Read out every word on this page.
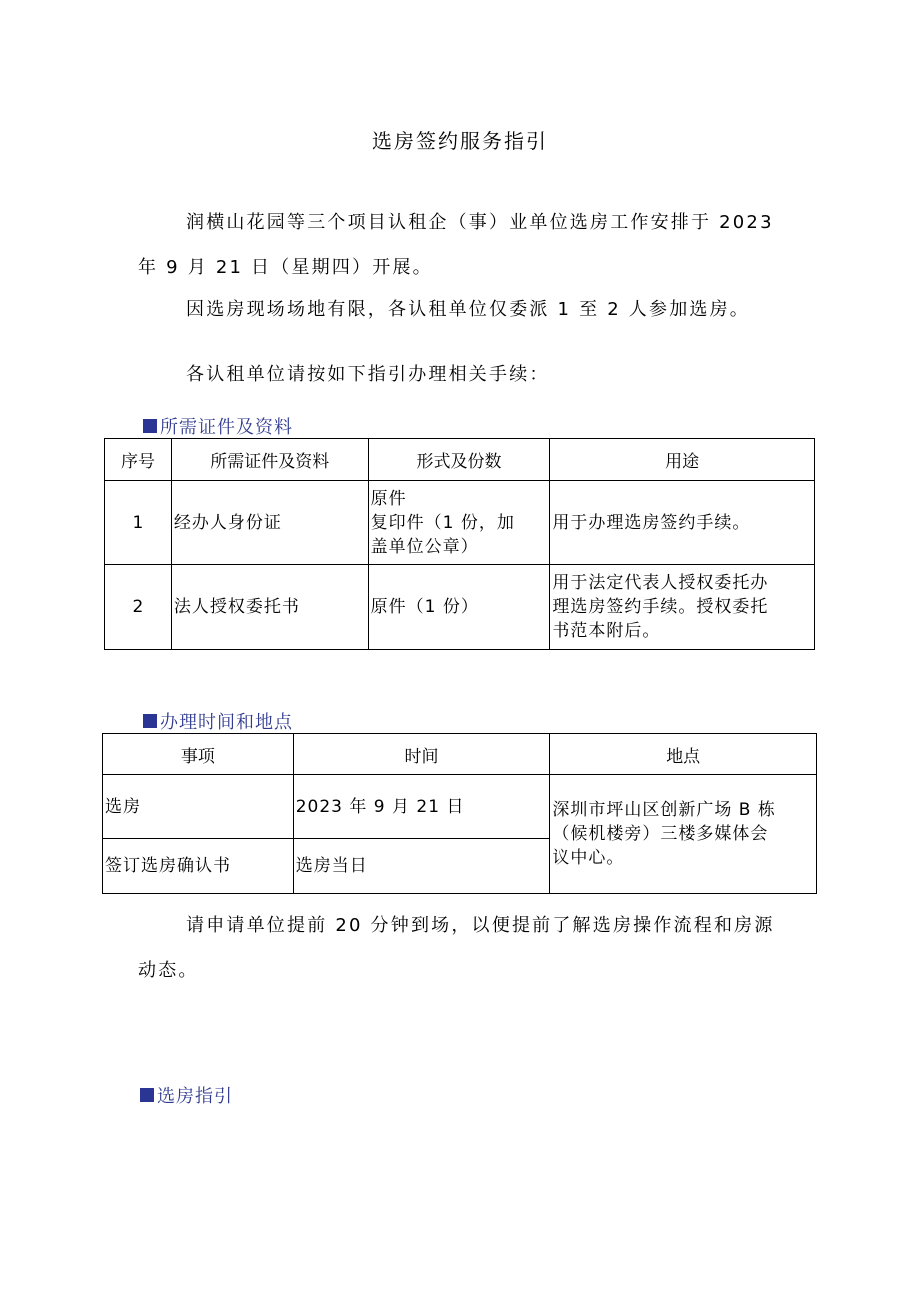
选房签约服务指引
润横山花园等三个项目认租企（事）业单位选房工作安排于 2023
年 9 月 21 日（星期四）开展。
因选房现场场地有限，各认租单位仅委派 1 至 2 人参加选房。
各认租单位请按如下指引办理相关手续：
所需证件及资料
序号	所需证件及资料	形式及份数	用途
1	经办人身份证	原件
复印件（1 份，加
盖单位公章）	用于办理选房签约手续。

2	法人授权委托书	原件（1 份）	用于法定代表人授权委托办
理选房签约手续。授权委托
书范本附后。
办理时间和地点
事项	时间	地点
选房	2023 年 9 月 21 日	深圳市坪山区创新广场 B 栋
（候机楼旁）三楼多媒体会
议中心。

签订选房确认书	选房当日	
请申请单位提前 20 分钟到场，以便提前了解选房操作流程和房源
动态。
选房指引
